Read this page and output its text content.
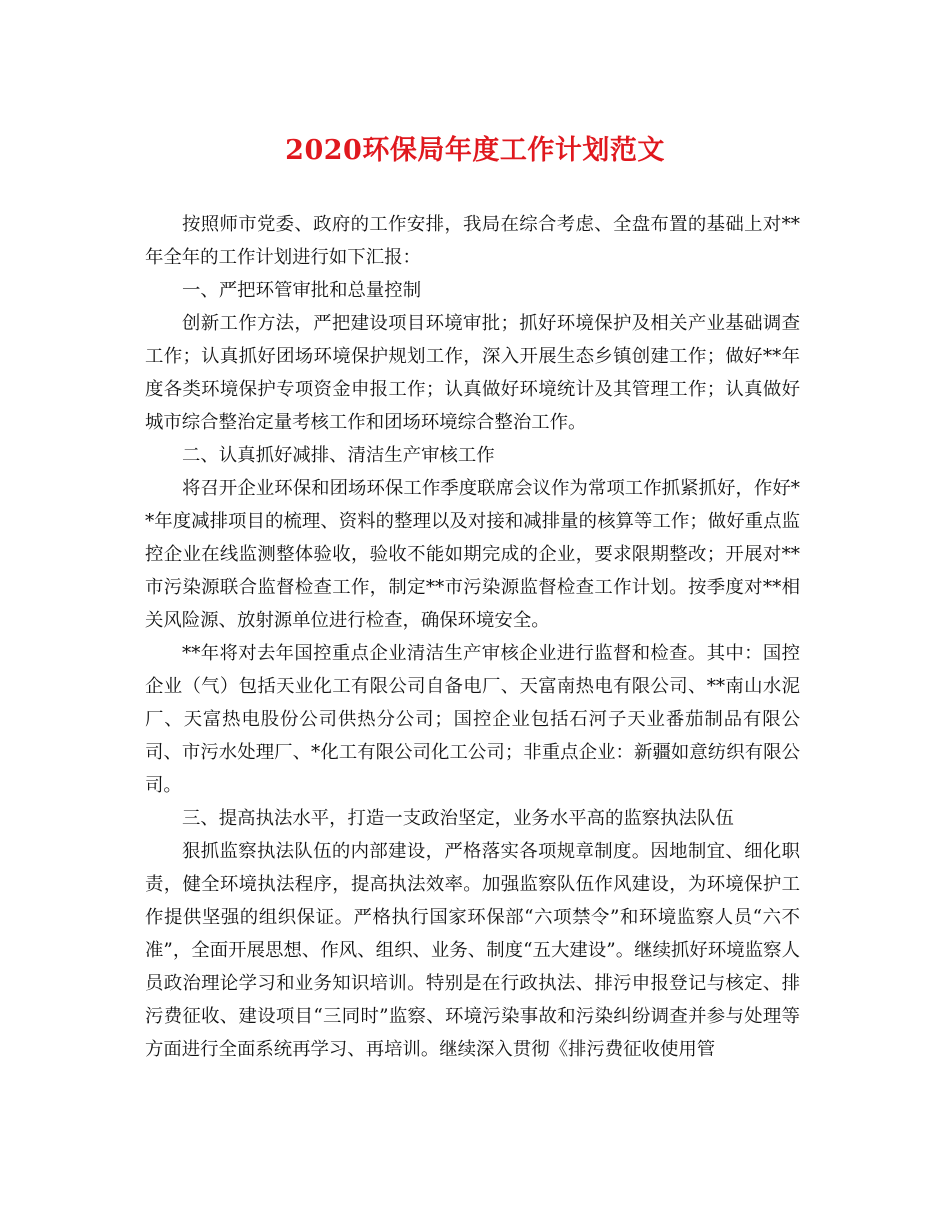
2020环保局年度工作计划范文

按照师市党委、政府的工作安排，我局在综合考虑、全盘布置的基础上对**年全年的工作计划进行如下汇报：

一、严把环管审批和总量控制

创新工作方法，严把建设项目环境审批；抓好环境保护及相关产业基础调查工作；认真抓好团场环境保护规划工作，深入开展生态乡镇创建工作；做好**年度各类环境保护专项资金申报工作；认真做好环境统计及其管理工作；认真做好城市综合整治定量考核工作和团场环境综合整治工作。

二、认真抓好减排、清洁生产审核工作

将召开企业环保和团场环保工作季度联席会议作为常项工作抓紧抓好，作好**年度减排项目的梳理、资料的整理以及对接和减排量的核算等工作；做好重点监控企业在线监测整体验收，验收不能如期完成的企业，要求限期整改；开展对**市污染源联合监督检查工作，制定**市污染源监督检查工作计划。按季度对**相关风险源、放射源单位进行检查，确保环境安全。

**年将对去年国控重点企业清洁生产审核企业进行监督和检查。其中：国控企业（气）包括天业化工有限公司自备电厂、天富南热电有限公司、**南山水泥厂、天富热电股份公司供热分公司；国控企业包括石河子天业番茄制品有限公司、市污水处理厂、*化工有限公司化工公司；非重点企业：新疆如意纺织有限公司。

三、提高执法水平，打造一支政治坚定，业务水平高的监察执法队伍

狠抓监察执法队伍的内部建设，严格落实各项规章制度。因地制宜、细化职责，健全环境执法程序，提高执法效率。加强监察队伍作风建设，为环境保护工作提供坚强的组织保证。严格执行国家环保部“六项禁令”和环境监察人员“六不准”，全面开展思想、作风、组织、业务、制度“五大建设”。继续抓好环境监察人员政治理论学习和业务知识培训。特别是在行政执法、排污申报登记与核定、排污费征收、建设项目“三同时”监察、环境污染事故和污染纠纷调查并参与处理等方面进行全面系统再学习、再培训。继续深入贯彻《排污费征收使用管
